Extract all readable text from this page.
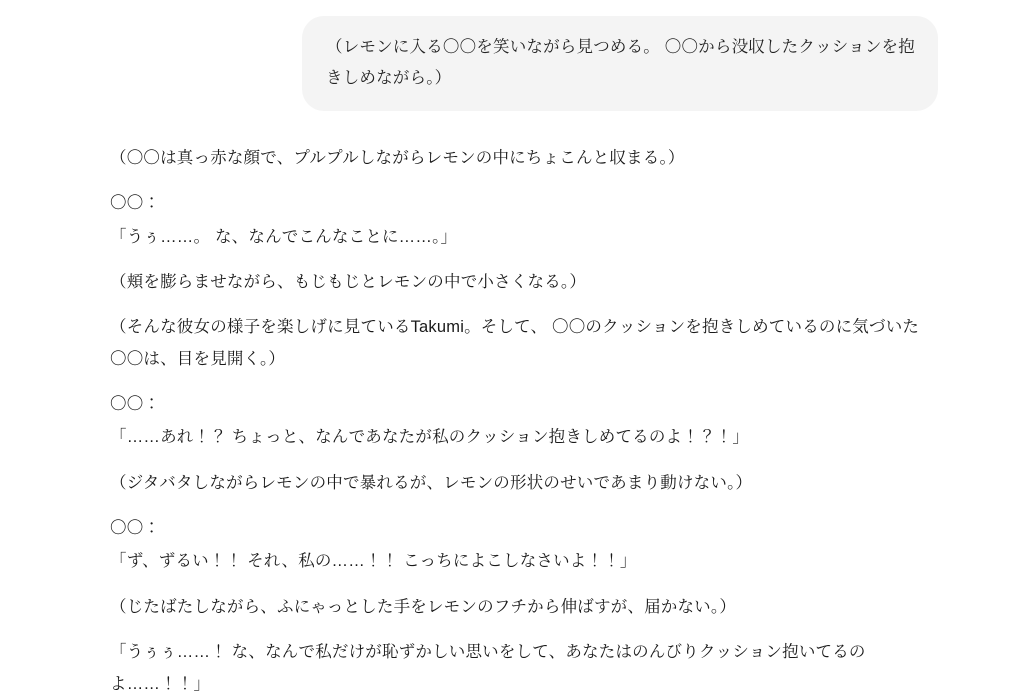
（レモンに入る〇〇を笑いながら見つめる。 〇〇から没収したクッションを抱きしめながら。）

（〇〇は真っ赤な顔で、プルプルしながらレモンの中にちょこんと収まる。）

〇〇：

「うぅ……。 な、なんでこんなことに……。」

（頬を膨らませながら、もじもじとレモンの中で小さくなる。）

（そんな彼女の様子を楽しげに見ているTakumi。そして、 〇〇のクッションを抱きしめているのに気づいた 〇〇は、目を見開く。）

〇〇：

「……あれ！？ ちょっと、なんであなたが私のクッション抱きしめてるのよ！？！」

（ジタバタしながらレモンの中で暴れるが、レモンの形状のせいであまり動けない。）

〇〇：

「ず、ずるい！！ それ、私の……！！ こっちによこしなさいよ！！」

（じたばたしながら、ふにゃっとした手をレモンのフチから伸ばすが、届かない。）

「うぅぅ……！ な、なんで私だけが恥ずかしい思いをして、あなたはのんびりクッション抱いてるのよ……！！」
